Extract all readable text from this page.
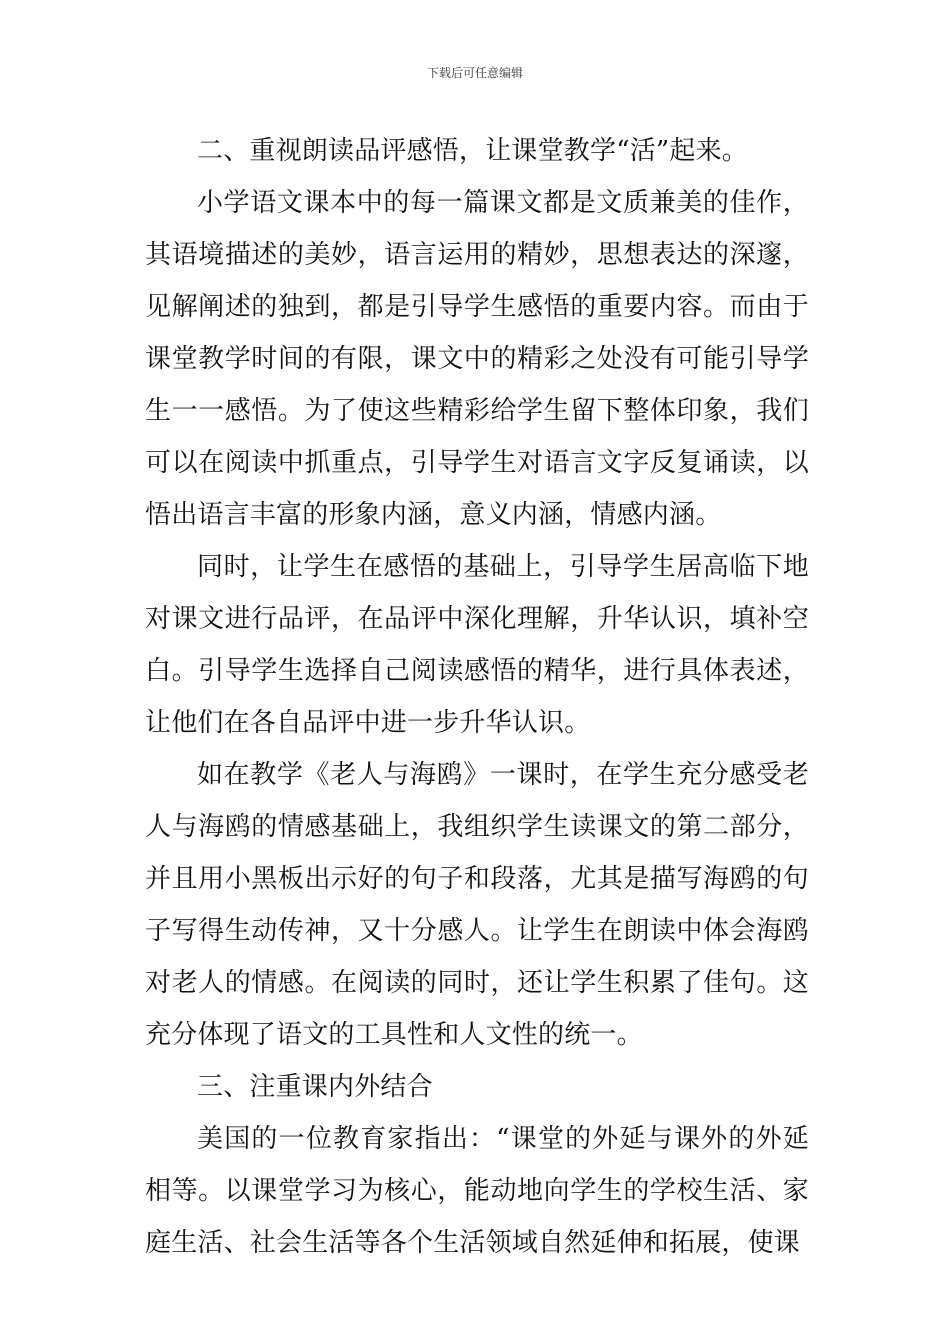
下载后可任意编辑

二、重视朗读品评感悟，让课堂教学“活”起来。

小学语文课本中的每一篇课文都是文质兼美的佳作，其语境描述的美妙，语言运用的精妙，思想表达的深邃，见解阐述的独到，都是引导学生感悟的重要内容。而由于课堂教学时间的有限，课文中的精彩之处没有可能引导学生一一感悟。为了使这些精彩给学生留下整体印象，我们可以在阅读中抓重点，引导学生对语言文字反复诵读，以悟出语言丰富的形象内涵，意义内涵，情感内涵。

同时，让学生在感悟的基础上，引导学生居高临下地对课文进行品评，在品评中深化理解，升华认识，填补空白。引导学生选择自己阅读感悟的精华，进行具体表述，让他们在各自品评中进一步升华认识。

如在教学《老人与海鸥》一课时，在学生充分感受老人与海鸥的情感基础上，我组织学生读课文的第二部分，并且用小黑板出示好的句子和段落，尤其是描写海鸥的句子写得生动传神，又十分感人。让学生在朗读中体会海鸥对老人的情感。在阅读的同时，还让学生积累了佳句。这充分体现了语文的工具性和人文性的统一。

三、注重课内外结合

美国的一位教育家指出：“课堂的外延与课外的外延相等。以课堂学习为核心，能动地向学生的学校生活、家庭生活、社会生活等各个生活领域自然延伸和拓展，使课
